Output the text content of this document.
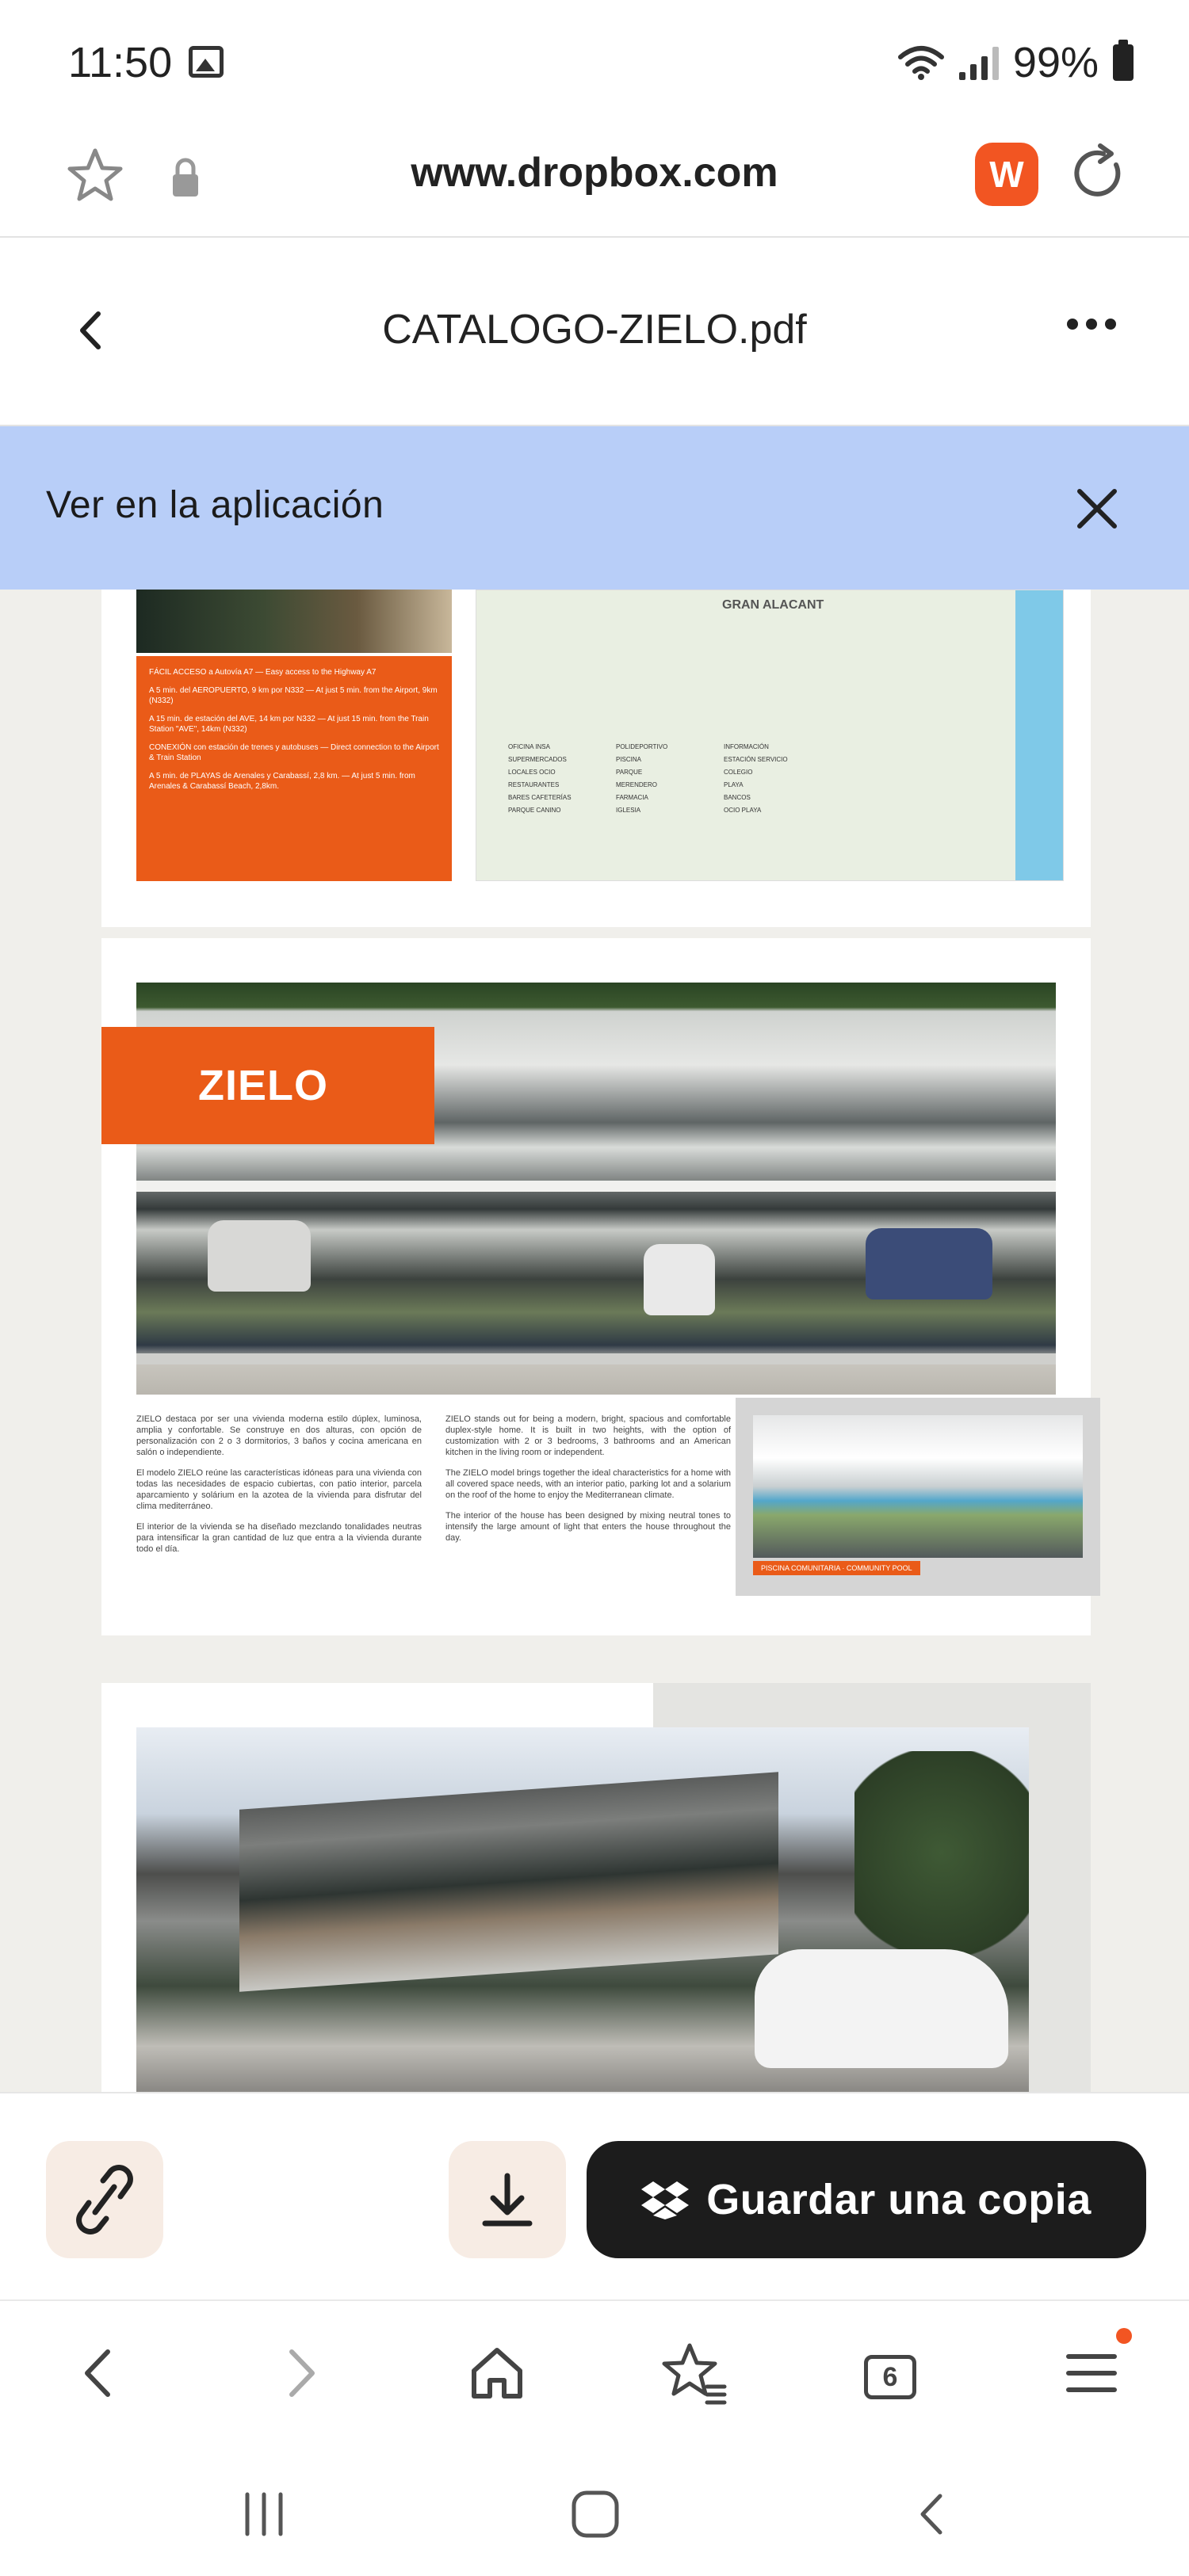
11:50	99%
www.dropbox.com	W
CATALOGO-ZIELO.pdf
Ver en la aplicación

FÁCIL ACCESO a Autovía A7 — Easy access to the Highway A7

A 5 min. del AEROPUERTO, 9 km por N332 — At just 5 min. from the Airport, 9km (N332)

A 15 min. de estación del AVE, 14 km por N332 — At just 15 min. from the Train Station "AVE", 14km (N332)

CONEXIÓN con estación de trenes y autobuses — Direct connection to the Airport & Train Station

A 5 min. de PLAYAS de Arenales y Carabassí, 2,8 km. — At just 5 min. from Arenales & Carabassí Beach, 2,8km.

GRAN ALACANT
OFICINA INSA
SUPERMERCADOS
LOCALES OCIO
RESTAURANTES
BARES CAFETERÍAS
PARQUE CANINO
POLIDEPORTIVO
PISCINA
PARQUE
MERENDERO
FARMACIA
IGLESIA
INFORMACIÓN
ESTACIÓN SERVICIO
COLEGIO
PLAYA
BANCOS
OCIO PLAYA
ZIELO

ZIELO destaca por ser una vivienda moderna estilo dúplex, luminosa, amplia y confortable. Se construye en dos alturas, con opción de personalización con 2 o 3 dormitorios, 3 baños y cocina americana en salón o independiente.

El modelo ZIELO reúne las características idóneas para una vivienda con todas las necesidades de espacio cubiertas, con patio interior, parcela aparcamiento y solárium en la azotea de la vivienda para disfrutar del clima mediterráneo.

El interior de la vivienda se ha diseñado mezclando tonalidades neutras para intensificar la gran cantidad de luz que entra a la vivienda durante todo el día.

ZIELO stands out for being a modern, bright, spacious and comfortable duplex-style home. It is built in two heights, with the option of customization with 2 or 3 bedrooms, 3 bathrooms and an American kitchen in the living room or independent.

The ZIELO model brings together the ideal characteristics for a home with all covered space needs, with an interior patio, parking lot and a solarium on the roof of the home to enjoy the Mediterranean climate.

The interior of the house has been designed by mixing neutral tones to intensify the large amount of light that enters the house throughout the day.

PISCINA COMUNITARIA · COMMUNITY POOL
Guardar una copia
6
